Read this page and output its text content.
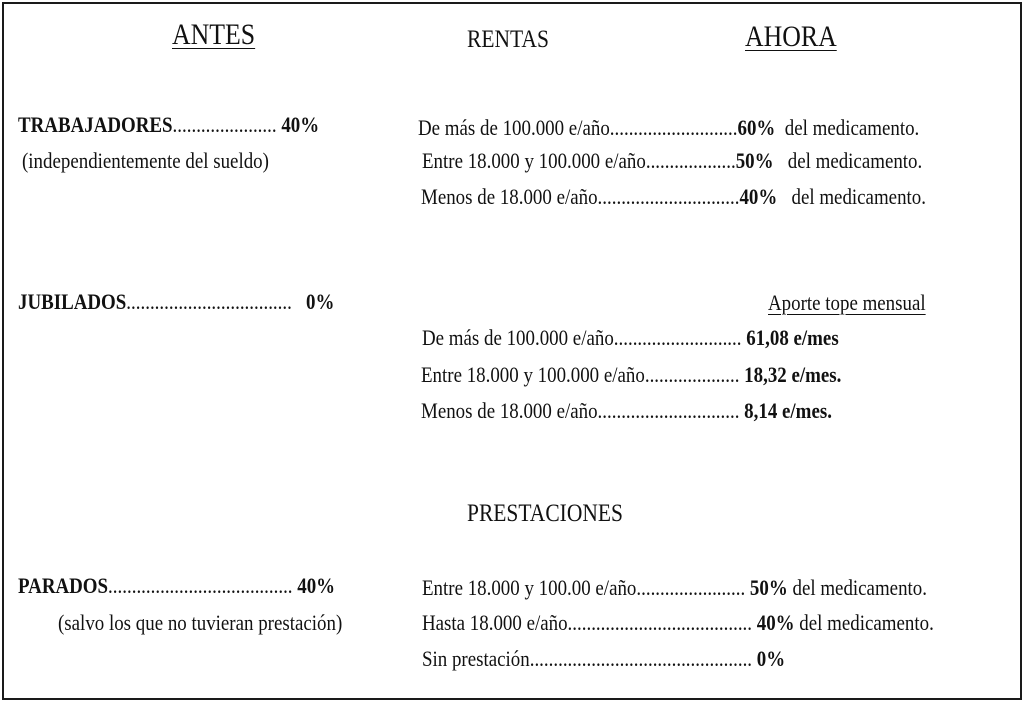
ANTES	RENTAS	AHORA
TRABAJADORES...................... 40%
(independientemente del sueldo)
De más de 100.000 e/año...........................60% del medicamento.
Entre 18.000 y 100.000 e/año...................50% del medicamento.
Menos de 18.000 e/año..............................40% del medicamento.
JUBILADOS................................... 0%	Aporte tope mensual
De más de 100.000 e/año........................... 61,08 e/mes
Entre 18.000 y 100.000 e/año.................... 18,32 e/mes.
Menos de 18.000 e/año.............................. 8,14 e/mes.
PRESTACIONES
PARADOS....................................... 40%
(salvo los que no tuvieran prestación)
Entre 18.000 y 100.00 e/año....................... 50% del medicamento.
Hasta 18.000 e/año....................................... 40% del medicamento.
Sin prestación............................................... 0%
